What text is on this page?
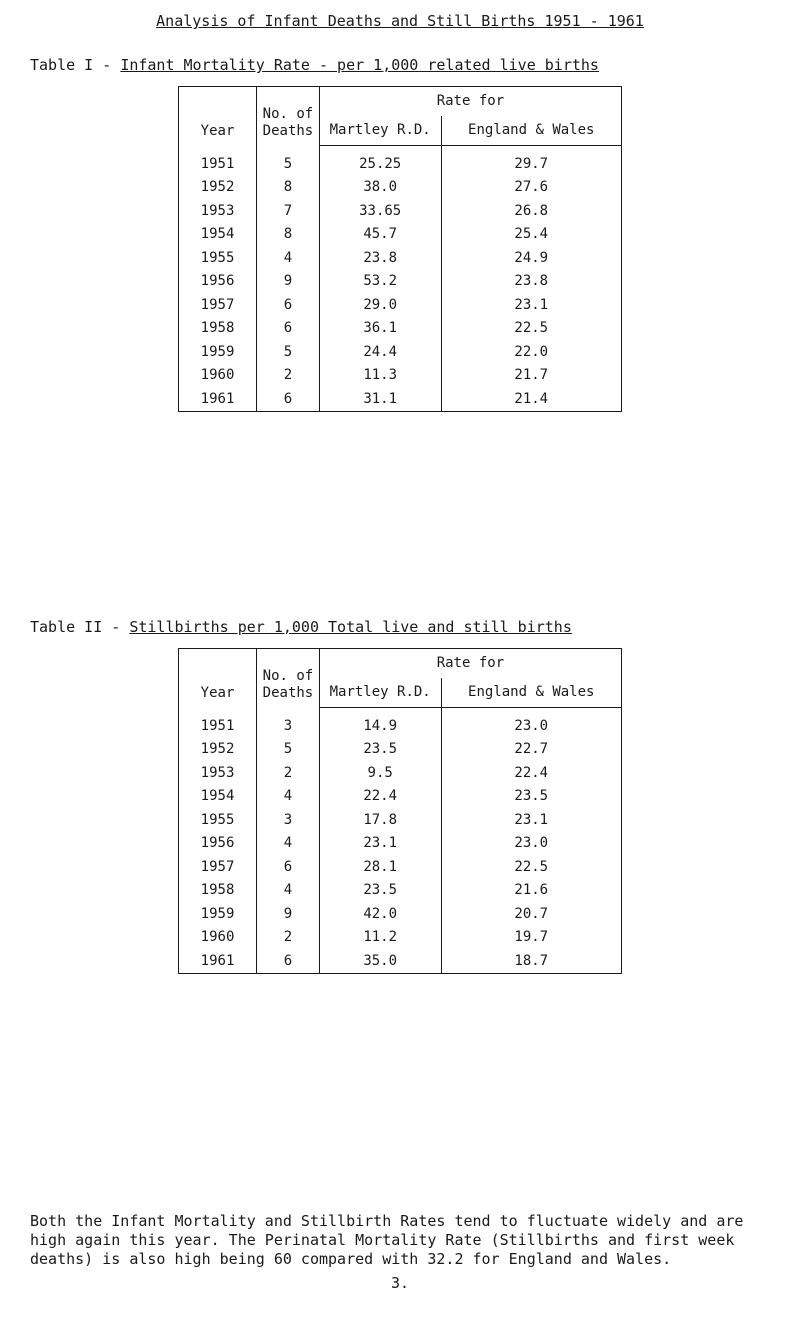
Analysis of Infant Deaths and Still Births 1951 - 1961
Table I - Infant Mortality Rate - per 1,000 related live births
Year	No. of Deaths	Rate for	
		Martley R.D.	England & Wales
1951	5	25.25	29.7
1952	8	38.0	27.6
1953	7	33.65	26.8
1954	8	45.7	25.4
1955	4	23.8	24.9
1956	9	53.2	23.8
1957	6	29.0	23.1
1958	6	36.1	22.5
1959	5	24.4	22.0
1960	2	11.3	21.7
1961	6	31.1	21.4
Table II - Stillbirths per 1,000 Total live and still births
Year	No. of Deaths	Rate for	
		Martley R.D.	England & Wales
1951	3	14.9	23.0
1952	5	23.5	22.7
1953	2	9.5	22.4
1954	4	22.4	23.5
1955	3	17.8	23.1
1956	4	23.1	23.0
1957	6	28.1	22.5
1958	4	23.5	21.6
1959	9	42.0	20.7
1960	2	11.2	19.7
1961	6	35.0	18.7
Both the Infant Mortality and Stillbirth Rates tend to fluctuate widely and are high again this year. The Perinatal Mortality Rate (Stillbirths and first week deaths) is also high being 60 compared with 32.2 for England and Wales.
3.
